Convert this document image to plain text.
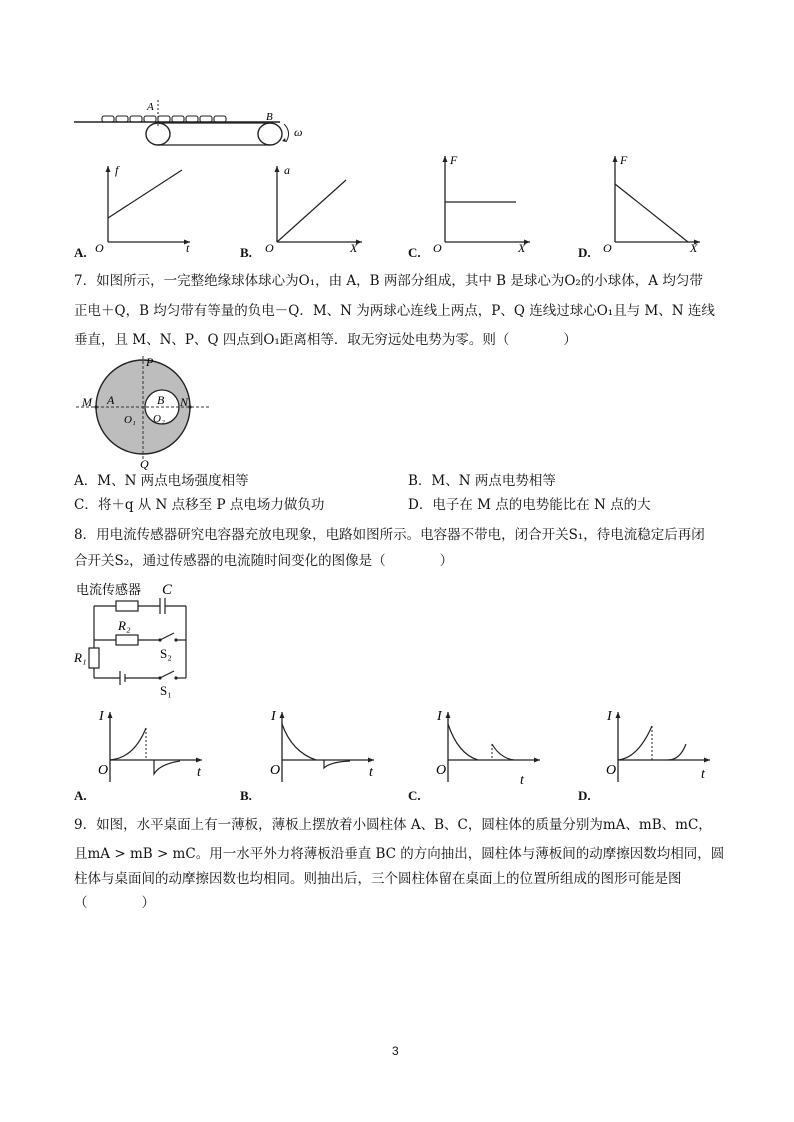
A
B
ω
f
t
O
A.
a
X
O
B.
F
X
O
C.
F
X
O
D.
7．如图所示，一完整绝缘球体球心为O₁，由 A，B 两部分组成，其中 B 是球心为O₂的小球体，A 均匀带
正电＋Q，B 均匀带有等量的负电－Q．M、N 为两球心连线上两点，P、Q 连线过球心O₁且与 M、N 连线
垂直，且 M、N、P、Q 四点到O₁距离相等．取无穷远处电势为零。则（　　　　）
P
Q
M	N
A	B
O₁ O₂
A．M、N 两点电场强度相等	B．M、N 两点电势相等
C．将＋q 从 N 点移至 P 点电场力做负功	D．电子在 M 点的电势能比在 N 点的大
8．用电流传感器研究电容器充放电现象，电路如图所示。电容器不带电，闭合开关S₁，待电流稳定后再闭
合开关S₂，通过传感器的电流随时间变化的图像是（　　　　）
电流传感器 C
R₂
R₁	S₂
S₁
I
O	t
A.
I
O	t
B.
I
O
t
C.
I
O	t
D.
9．如图，水平桌面上有一薄板，薄板上摆放着小圆柱体 A、B、C，圆柱体的质量分别为mA、mB、mC，
且mA > mB > mC。用一水平外力将薄板沿垂直 BC 的方向抽出，圆柱体与薄板间的动摩擦因数均相同，圆
柱体与桌面间的动摩擦因数也均相同。则抽出后，三个圆柱体留在桌面上的位置所组成的图形可能是图
（　　　　）
3
